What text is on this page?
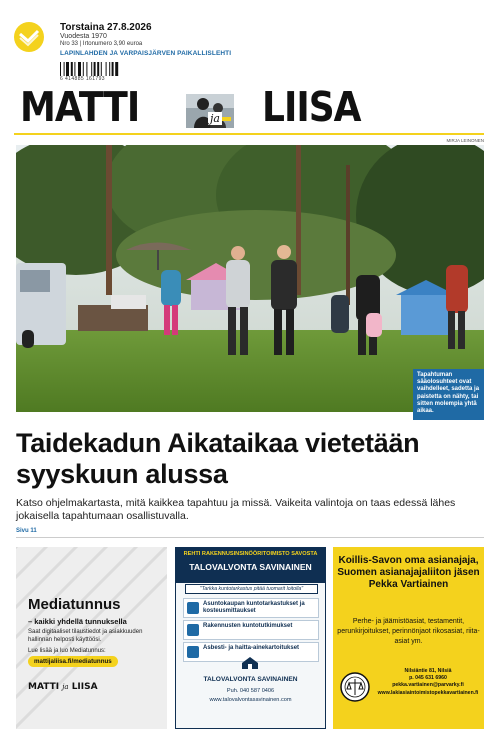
Torstaina 27.8.2026
Vuodesta 1970
Nro 33 | Irtonumero 3,90 euroa
LAPINLAHDEN JA VARPAISJÄRVEN PAIKALLISLEHTI
6 414885 161793
MATTI	ja LIISA
MIRJA LEINONEN
Tapahtuman sääolosuhteet ovat vaihdelleet, sadetta ja paistetta on nähty, tai sitten molempia yhtä aikaa.
Taidekadun Aikataikaa vietetään syyskuun alussa
Katso ohjelmakartasta, mitä kaikkea tapahtuu ja missä. Vaikeita valintoja on taas edessä lähes jokaisella tapahtumaan osallistuvalla.
Sivu 11
Mediatunnus
– kaikki yhdellä tunnuksella
Saat digitaaliset tilaustiedot ja asiakkuuden hallinnan helposti käyttöösi.
Lue lisää ja luo Mediatunnus:
mattijaliisa.fi/mediatunnus
MATTI ja LIISA
REHTI RAKENNUSINSINÖÖRITOIMISTO SAVOSTA
TALOVALVONTA SAVINAINEN
"Tarkka kuntotarkastus pitää tuomarit loitolla"
Asuntokaupan kuntotarkastukset ja kosteusmittaukset
Rakennusten kuntotutkimukset
Asbesti- ja haitta-ainekartoitukset
TALOVALVONTA SAVINAINEN
Puh. 040 587 0406
www.talovalvontasavinainen.com
Koillis-Savon oma asianajaja, Suomen asianajajaliiton jäsen Pekka Vartiainen
Perhe- ja jäämistöasiat, testamentit, perunkirjoitukset, perinnönjaot rikosasiat, riita-asiat ym.
Nilsiäntie 81, Nilsiä
p. 045 631 6960
pekka.vartiainen@parvarky.fi
www.lakiasiaintoimistopekkavartiainen.fi
